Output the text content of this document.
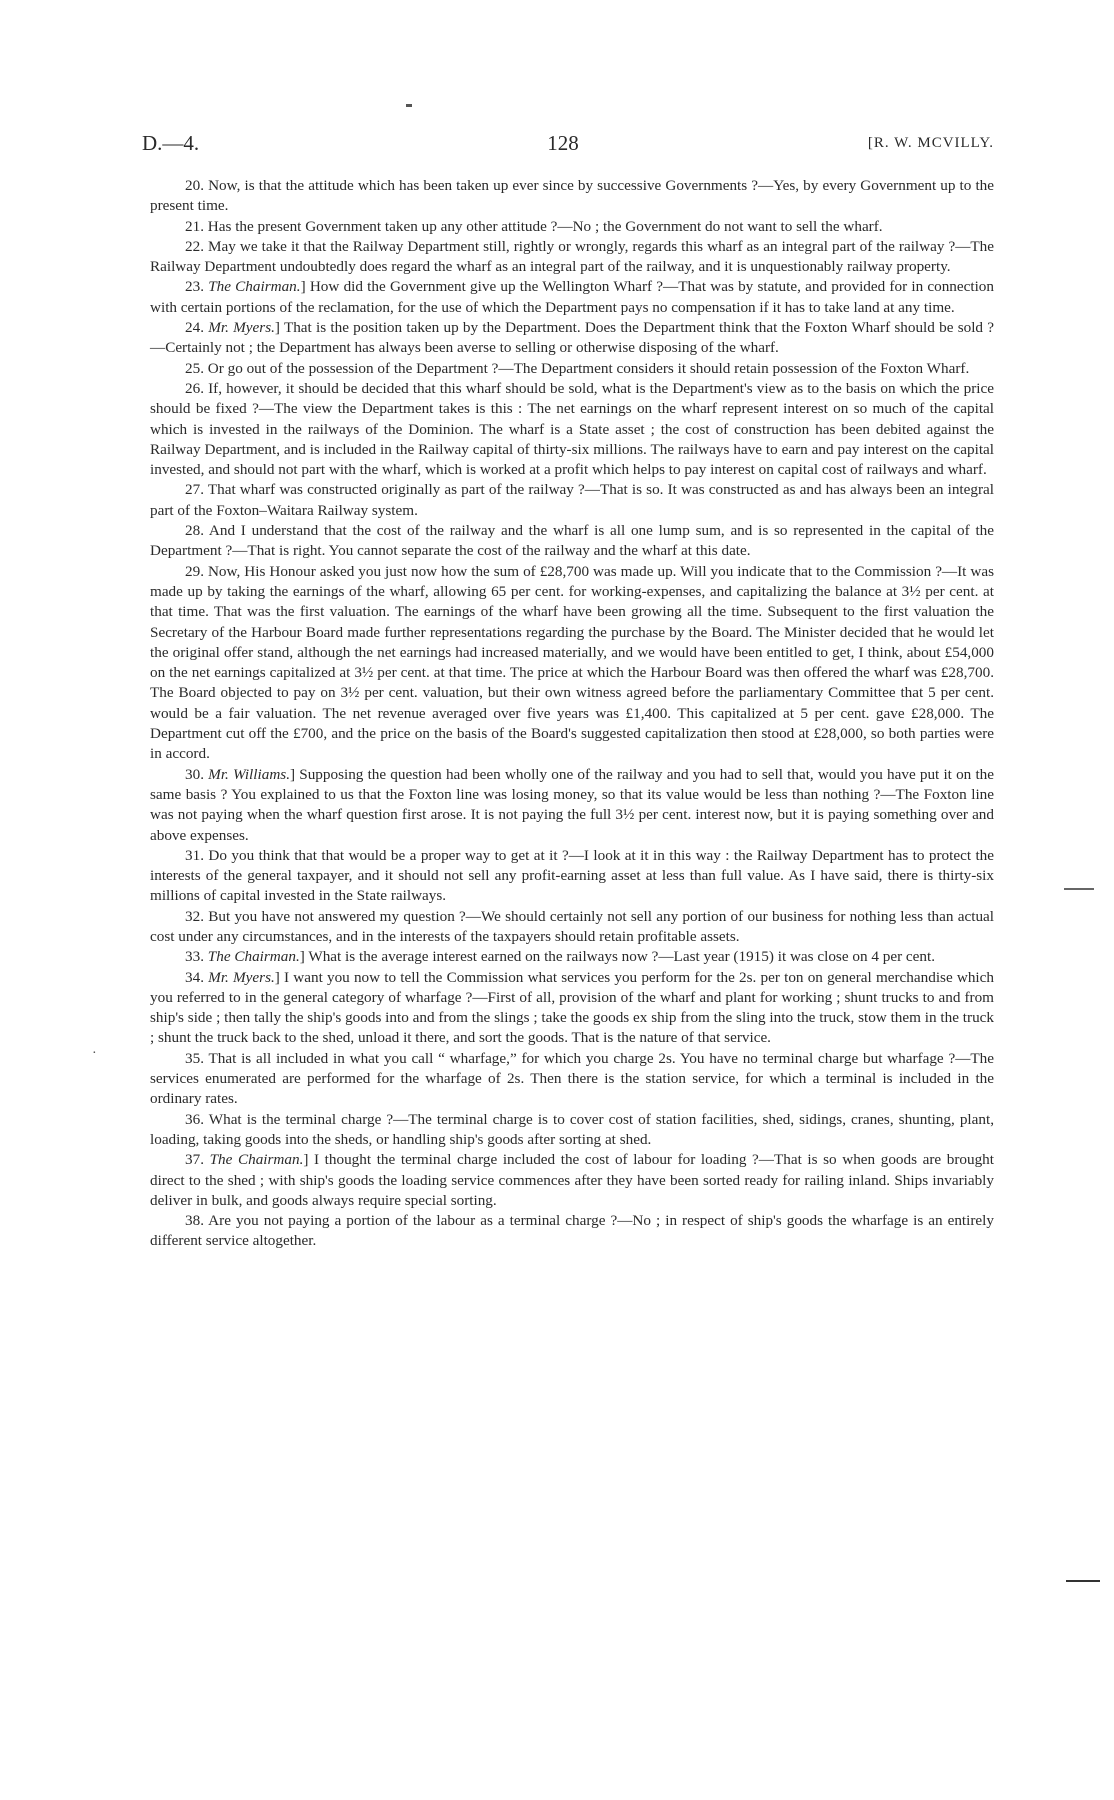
·
D.—4.	128	[R. W. MCVILLY.

20. Now, is that the attitude which has been taken up ever since by successive Governments ?—Yes, by every Government up to the present time.

21. Has the present Government taken up any other attitude ?—No ; the Government do not want to sell the wharf.

22. May we take it that the Railway Department still, rightly or wrongly, regards this wharf as an integral part of the railway ?—The Railway Department undoubtedly does regard the wharf as an integral part of the railway, and it is unquestionably railway property.

23. The Chairman.] How did the Government give up the Wellington Wharf ?—That was by statute, and provided for in connection with certain portions of the reclamation, for the use of which the Department pays no compensation if it has to take land at any time.

24. Mr. Myers.] That is the position taken up by the Department. Does the Department think that the Foxton Wharf should be sold ?—Certainly not ; the Department has always been averse to selling or otherwise disposing of the wharf.

25. Or go out of the possession of the Department ?—The Department considers it should retain possession of the Foxton Wharf.

26. If, however, it should be decided that this wharf should be sold, what is the Department's view as to the basis on which the price should be fixed ?—The view the Department takes is this : The net earnings on the wharf represent interest on so much of the capital which is invested in the railways of the Dominion. The wharf is a State asset ; the cost of construction has been debited against the Railway Department, and is included in the Railway capital of thirty-six millions. The railways have to earn and pay interest on the capital invested, and should not part with the wharf, which is worked at a profit which helps to pay interest on capital cost of railways and wharf.

27. That wharf was constructed originally as part of the railway ?—That is so. It was constructed as and has always been an integral part of the Foxton–Waitara Railway system.

28. And I understand that the cost of the railway and the wharf is all one lump sum, and is so represented in the capital of the Department ?—That is right. You cannot separate the cost of the railway and the wharf at this date.

29. Now, His Honour asked you just now how the sum of £28,700 was made up. Will you indicate that to the Commission ?—It was made up by taking the earnings of the wharf, allowing 65 per cent. for working-expenses, and capitalizing the balance at 3½ per cent. at that time. That was the first valuation. The earnings of the wharf have been growing all the time. Subsequent to the first valuation the Secretary of the Harbour Board made further representations regarding the purchase by the Board. The Minister decided that he would let the original offer stand, although the net earnings had increased materially, and we would have been entitled to get, I think, about £54,000 on the net earnings capitalized at 3½ per cent. at that time. The price at which the Harbour Board was then offered the wharf was £28,700. The Board objected to pay on 3½ per cent. valuation, but their own witness agreed before the parliamentary Committee that 5 per cent. would be a fair valuation. The net revenue averaged over five years was £1,400. This capitalized at 5 per cent. gave £28,000. The Department cut off the £700, and the price on the basis of the Board's suggested capitalization then stood at £28,000, so both parties were in accord.

30. Mr. Williams.] Supposing the question had been wholly one of the railway and you had to sell that, would you have put it on the same basis ? You explained to us that the Foxton line was losing money, so that its value would be less than nothing ?—The Foxton line was not paying when the wharf question first arose. It is not paying the full 3½ per cent. interest now, but it is paying something over and above expenses.

31. Do you think that that would be a proper way to get at it ?—I look at it in this way : the Railway Department has to protect the interests of the general taxpayer, and it should not sell any profit-earning asset at less than full value. As I have said, there is thirty-six millions of capital invested in the State railways.

32. But you have not answered my question ?—We should certainly not sell any portion of our business for nothing less than actual cost under any circumstances, and in the interests of the taxpayers should retain profitable assets.

33. The Chairman.] What is the average interest earned on the railways now ?—Last year (1915) it was close on 4 per cent.

34. Mr. Myers.] I want you now to tell the Commission what services you perform for the 2s. per ton on general merchandise which you referred to in the general category of wharfage ?—First of all, provision of the wharf and plant for working ; shunt trucks to and from ship's side ; then tally the ship's goods into and from the slings ; take the goods ex ship from the sling into the truck, stow them in the truck ; shunt the truck back to the shed, unload it there, and sort the goods. That is the nature of that service.

35. That is all included in what you call “ wharfage,” for which you charge 2s. You have no terminal charge but wharfage ?—The services enumerated are performed for the wharfage of 2s. Then there is the station service, for which a terminal is included in the ordinary rates.

36. What is the terminal charge ?—The terminal charge is to cover cost of station facilities, shed, sidings, cranes, shunting, plant, loading, taking goods into the sheds, or handling ship's goods after sorting at shed.

37. The Chairman.] I thought the terminal charge included the cost of labour for loading ?—That is so when goods are brought direct to the shed ; with ship's goods the loading service commences after they have been sorted ready for railing inland. Ships invariably deliver in bulk, and goods always require special sorting.

38. Are you not paying a portion of the labour as a terminal charge ?—No ; in respect of ship's goods the wharfage is an entirely different service altogether.
